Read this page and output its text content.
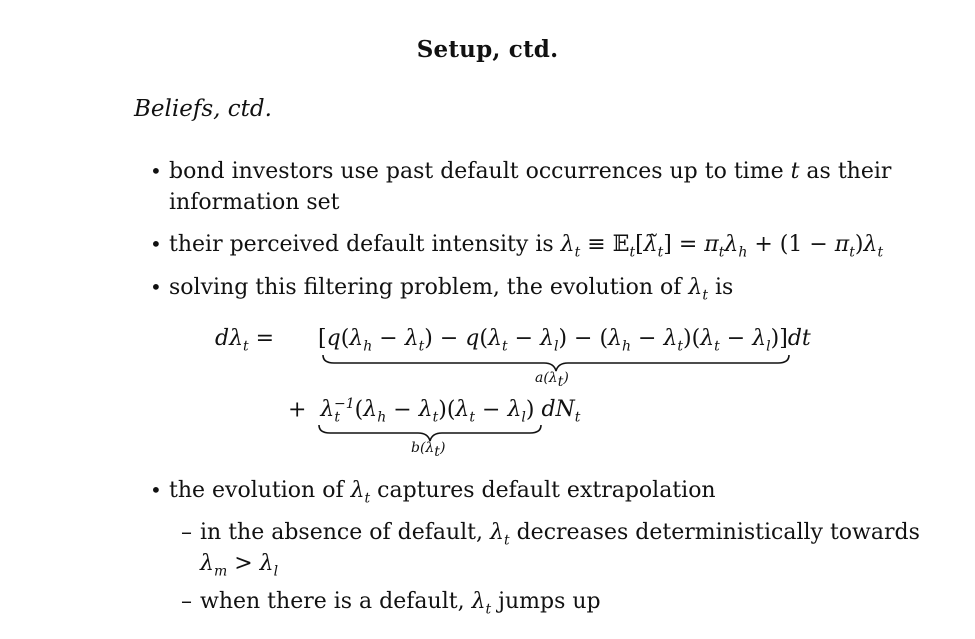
Setup, ctd.
Beliefs, ctd.
• bond investors use past default occurrences up to time t as their
information set
• their perceived default intensity is $\lambda_t$ ≡ $𝔼_t[\lambdã_t] = \pi_t\lambda_h + (1 - \pi_t)\lambda_t$
• solving this filtering problem, the evolution of $\lambda_t$ is
$d\lambda_t = [q(\lambda_h - \lambda_t) - q(\lambda_t - \lambda_l) - (\lambda_h - \lambda_t)(\lambda_t - \lambda_l)]dt$
$a(\lambda_t)$
+  $\lambda_t^{-1}(\lambda_h - \lambda_t)(\lambda_t - \lambda_l)$ $dN_t$
$b(\lambda_t)$
• the evolution of $\lambda_t$ captures default extrapolation
– in the absence of default, $\lambda_t$ decreases deterministically towards
$\lambda_m > \lambda_l$
– when there is a default, $\lambda_t$ jumps up
